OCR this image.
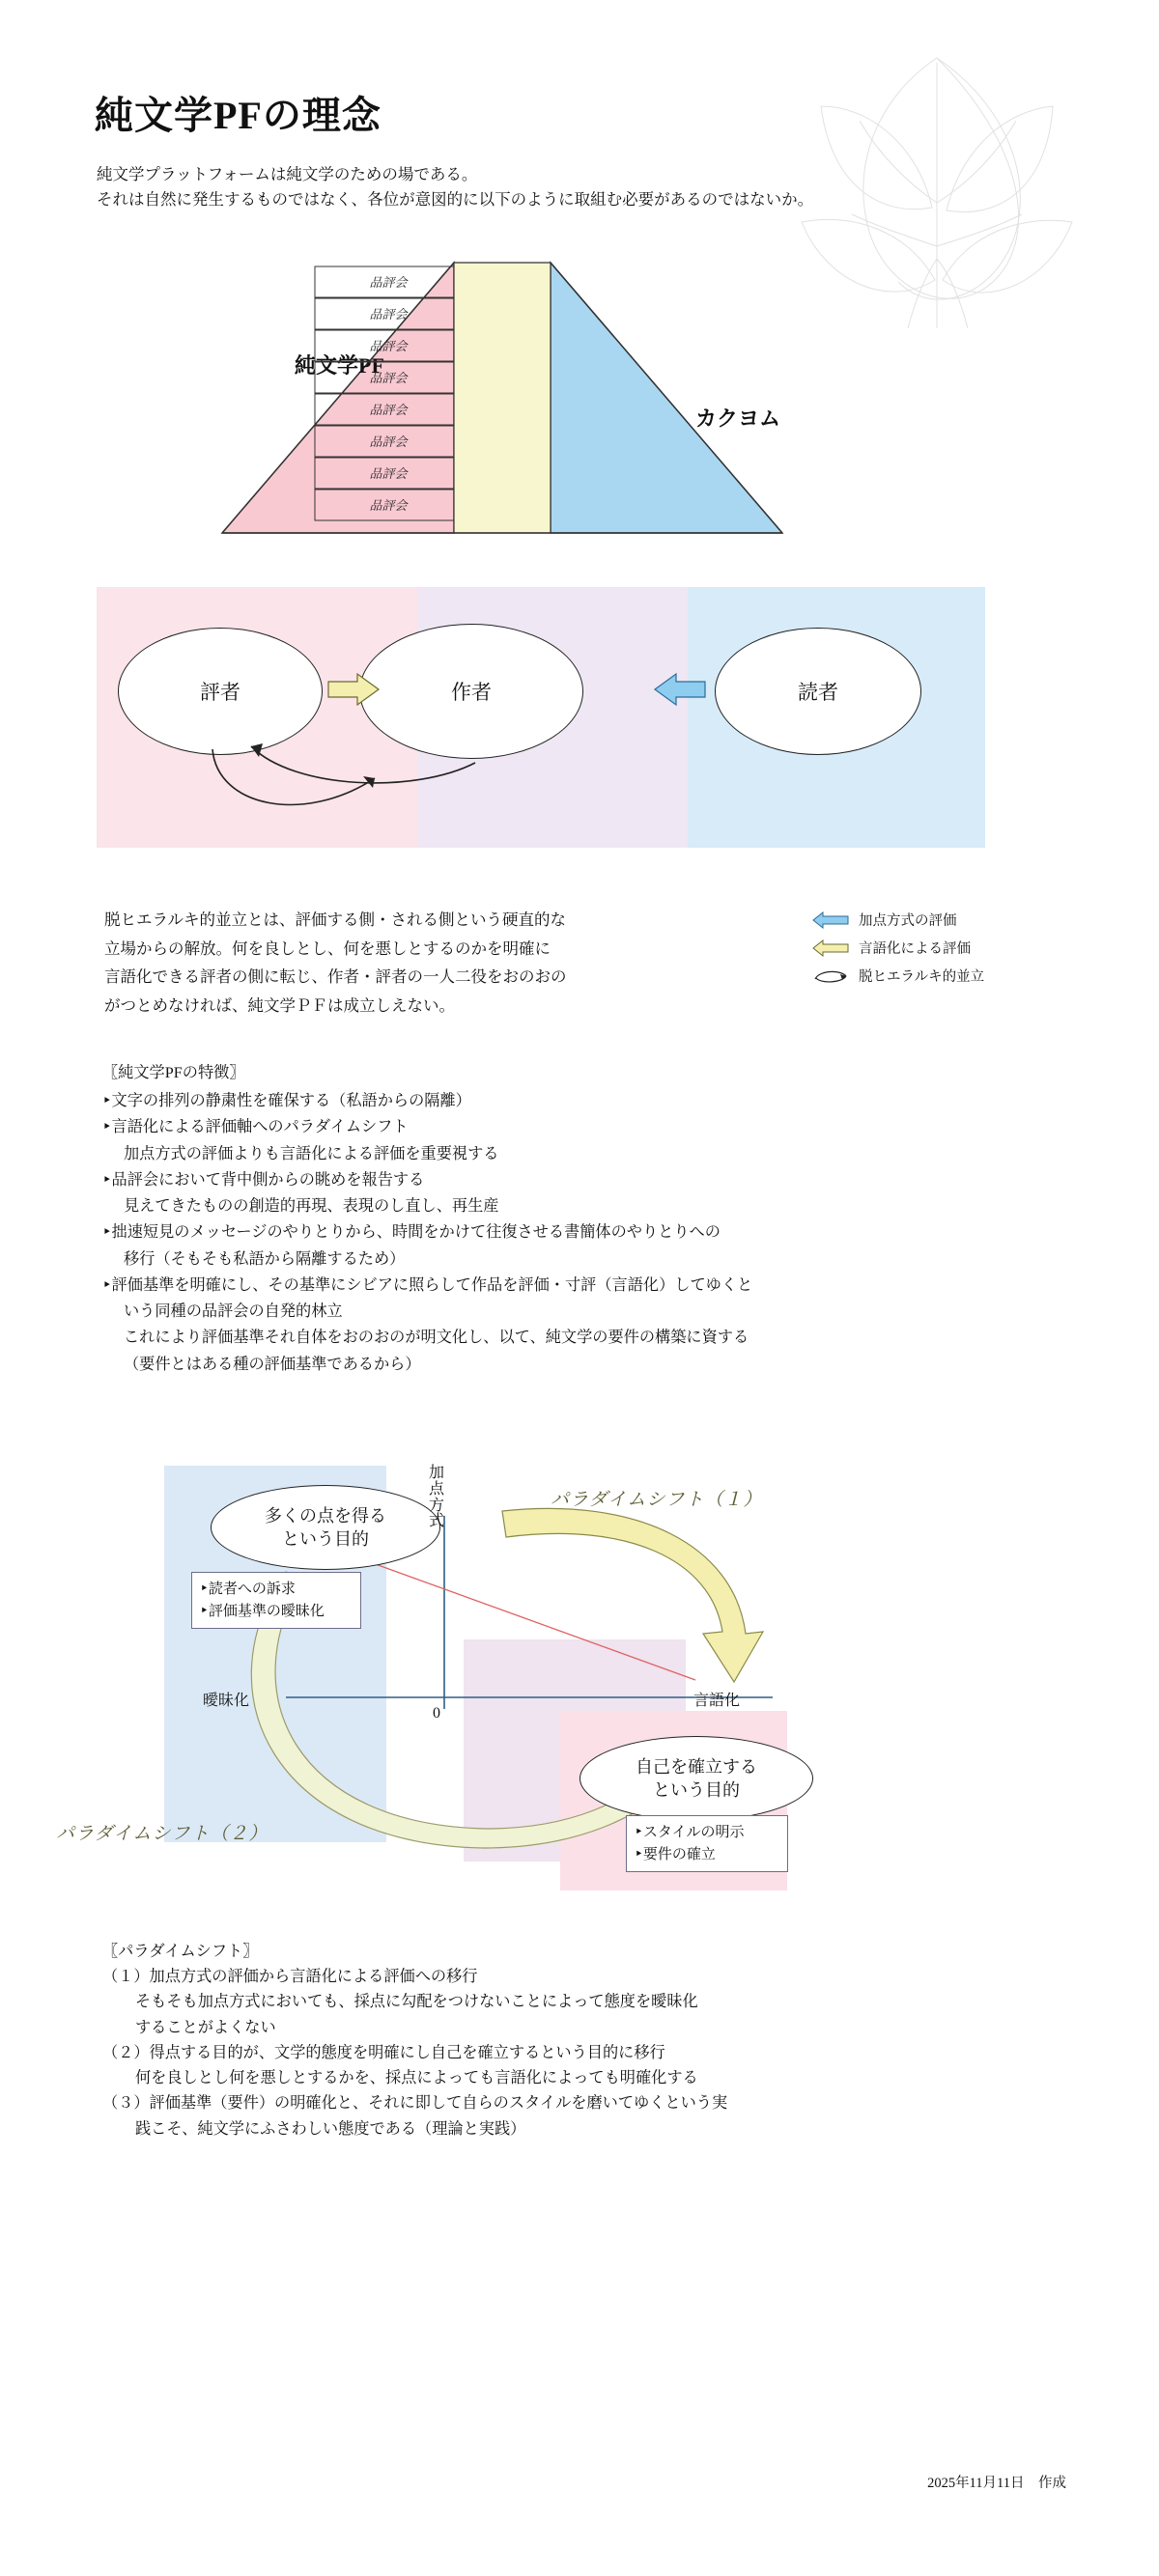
純文学PFの理念
純文学プラットフォームは純文学のための場である。
それは自然に発生するものではなく、各位が意図的に以下のように取組む必要があるのではないか。
純文学PF
カクヨム
品評会
品評会
品評会
品評会
品評会
品評会
品評会
品評会
評者	作者	読者
脱ヒエラルキ的並立とは、評価する側・される側という硬直的な
立場からの解放。何を良しとし、何を悪しとするのかを明確に
言語化できる評者の側に転じ、作者・評者の一人二役をおのおの
がつとめなければ、純文学ＰＦは成立しえない。
加点方式の評価
言語化による評価
脱ヒエラルキ的並立
〖純文学PFの特徴〗
‣文字の排列の静粛性を確保する（私語からの隔離）
‣言語化による評価軸へのパラダイムシフト
加点方式の評価よりも言語化による評価を重要視する
‣品評会において背中側からの眺めを報告する
見えてきたものの創造的再現、表現のし直し、再生産
‣拙速短見のメッセージのやりとりから、時間をかけて往復させる書簡体のやりとりへの
移行（そもそも私語から隔離するため）
‣評価基準を明確にし、その基準にシビアに照らして作品を評価・寸評（言語化）してゆくと
いう同種の品評会の自発的林立
これにより評価基準それ自体をおのおのが明文化し、以て、純文学の要件の構築に資する
（要件とはある種の評価基準であるから）
多くの点を得る
という目的
自己を確立する
という目的
‣読者への訴求
‣評価基準の曖昧化
‣スタイルの明示
‣要件の確立
加
点
方
式
言語化
曖昧化
0
パラダイムシフト（１）
パラダイムシフト（２）
〖パラダイムシフト〗
（１）加点方式の評価から言語化による評価への移行
そもそも加点方式においても、採点に勾配をつけないことによって態度を曖昧化
することがよくない
（２）得点する目的が、文学的態度を明確にし自己を確立するという目的に移行
何を良しとし何を悪しとするかを、採点によっても言語化によっても明確化する
（３）評価基準（要件）の明確化と、それに即して自らのスタイルを磨いてゆくという実
践こそ、純文学にふさわしい態度である（理論と実践）
2025年11月11日　作成
